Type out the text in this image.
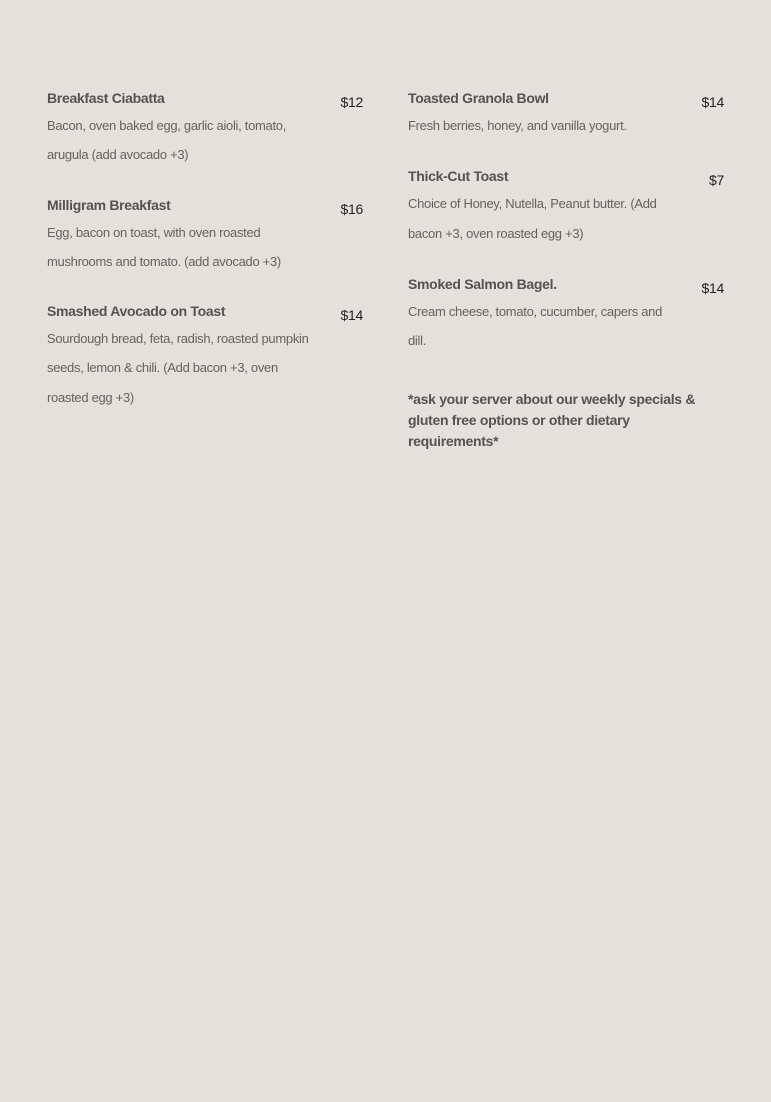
Breakfast Ciabatta	$12
Bacon, oven baked egg, garlic aioli, tomato, arugula (add avocado +3)
Milligram Breakfast	$16
Egg, bacon on toast, with oven roasted mushrooms and tomato. (add avocado +3)
Smashed Avocado on Toast	$14
Sourdough bread, feta, radish, roasted pumpkin seeds, lemon & chili. (Add bacon +3, oven roasted egg +3)
Toasted Granola Bowl	$14
Fresh berries, honey, and vanilla yogurt.
Thick-Cut Toast	$7
Choice of Honey, Nutella, Peanut butter. (Add bacon +3, oven roasted egg +3)
Smoked Salmon Bagel.	$14
Cream cheese, tomato, cucumber, capers and dill.
*ask your server about our weekly specials & gluten free options or other dietary requirements*
